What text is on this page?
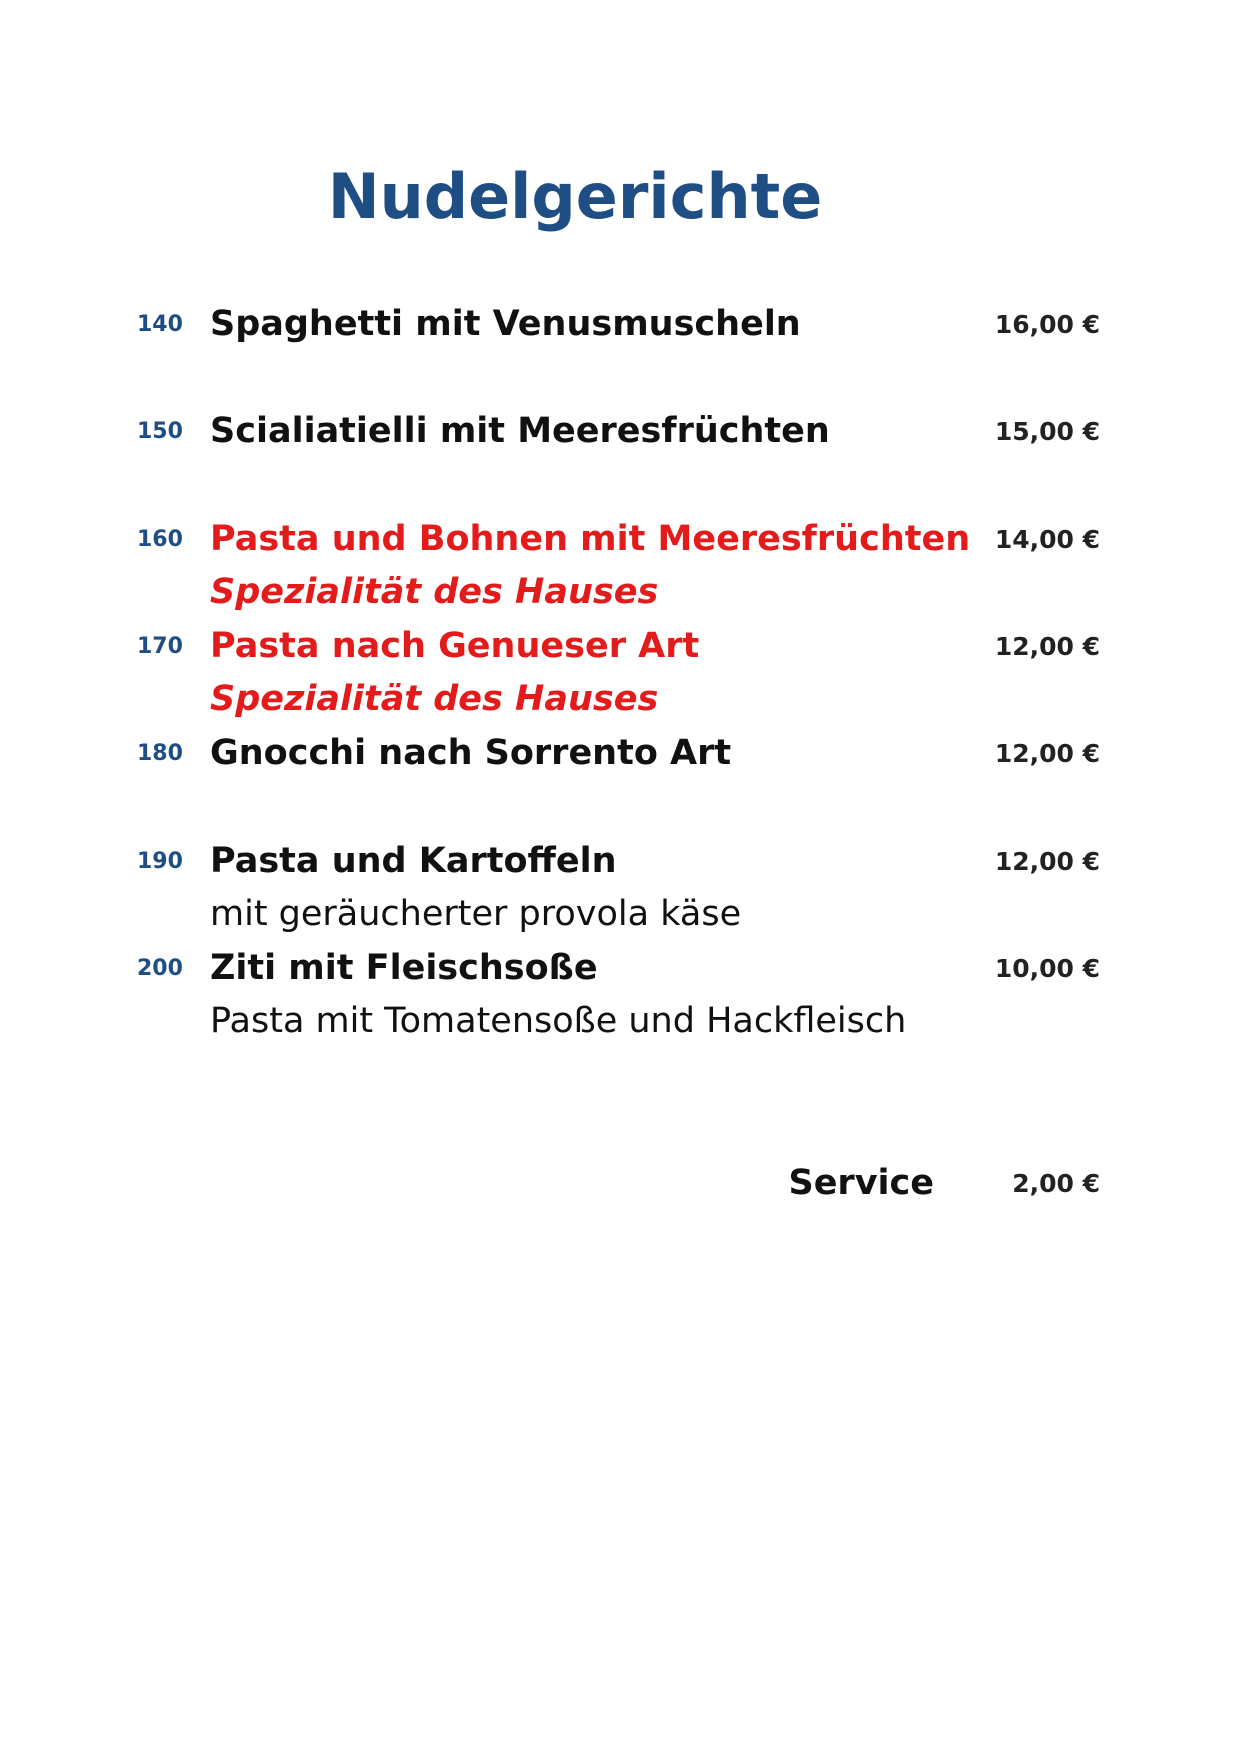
Nudelgerichte
140 Spaghetti mit Venusmuscheln	16,00 €
150 Scialiatielli mit Meeresfrüchten	15,00 €
160 Pasta und Bohnen mit Meeresfrüchten 14,00 €
Spezialität des Hauses
170 Pasta nach Genueser Art	12,00 €
Spezialität des Hauses
180 Gnocchi nach Sorrento Art	12,00 €
190 Pasta und Kartoffeln	12,00 €
mit geräucherter provola käse
200 Ziti mit Fleischsoße	10,00 €
Pasta mit Tomatensoße und Hackfleisch
Service	2,00 €
